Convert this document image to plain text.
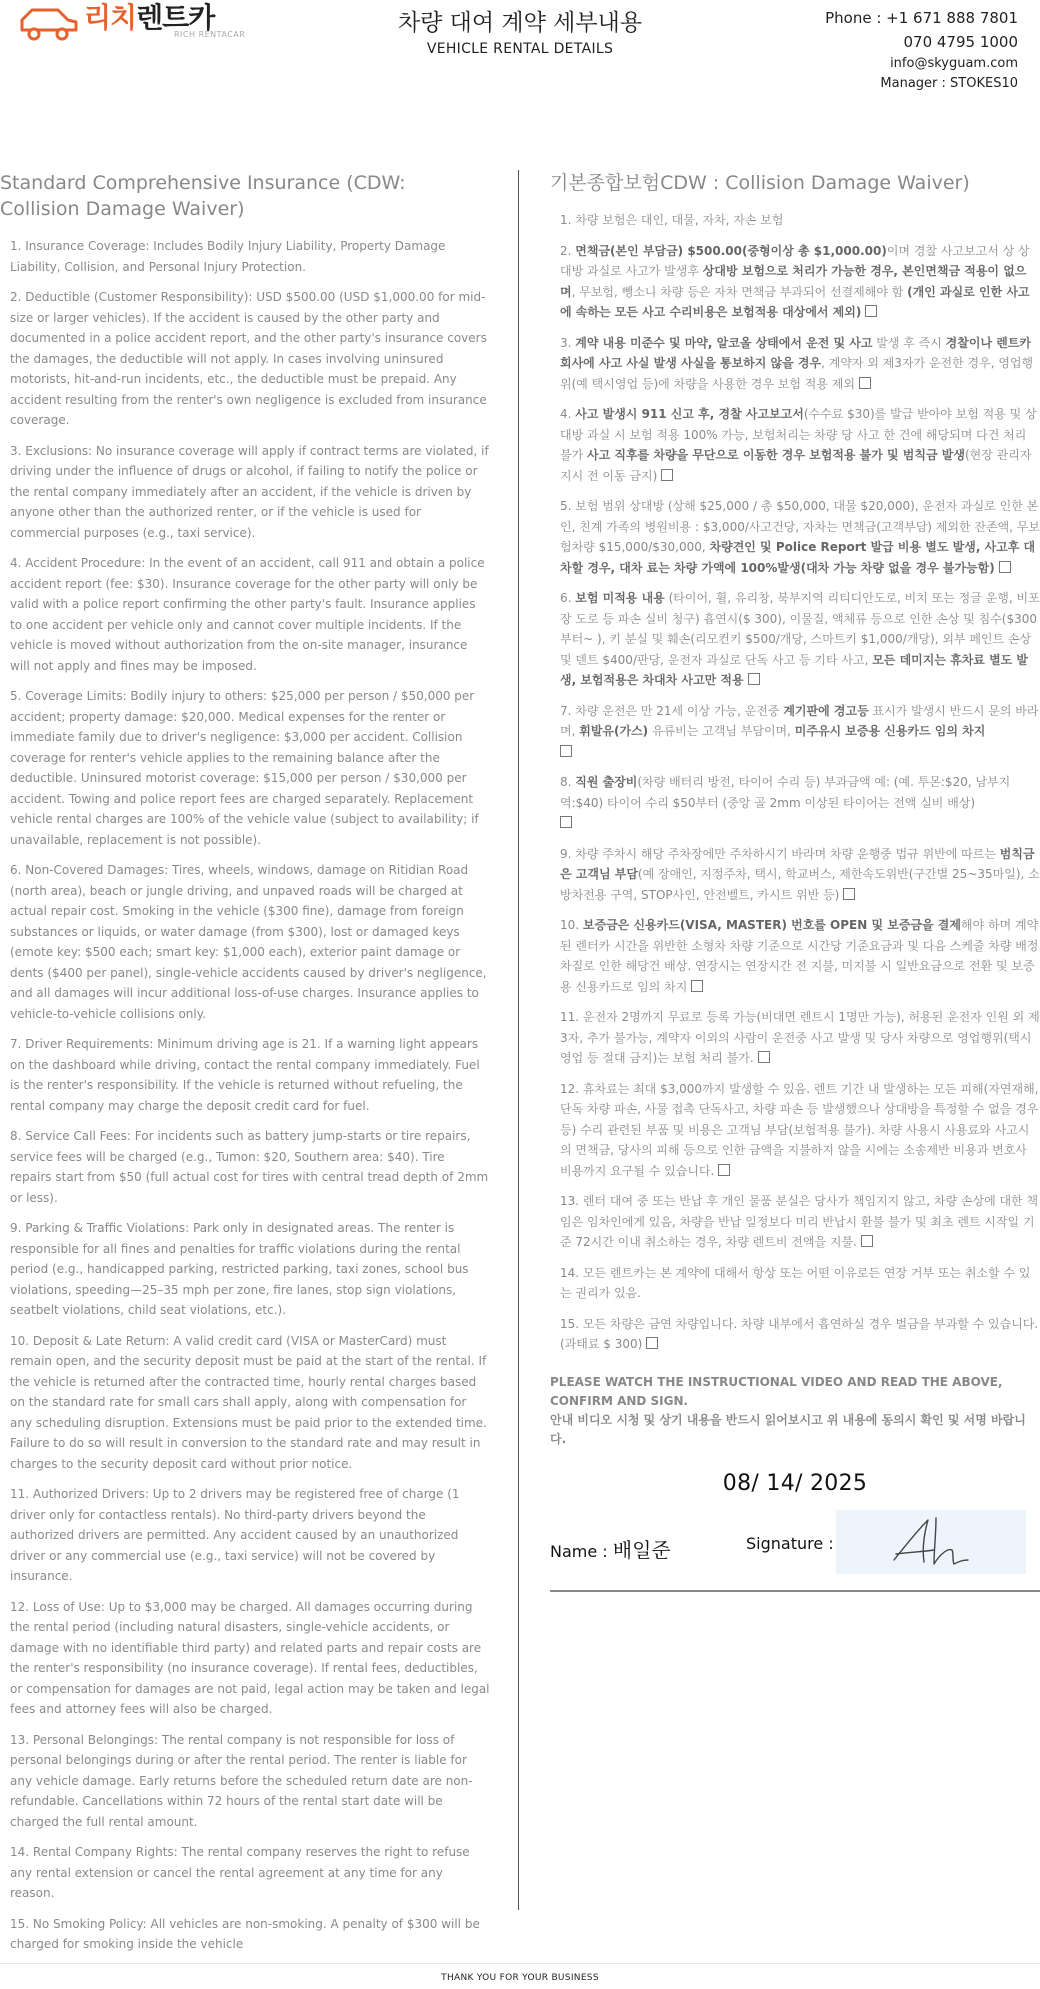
리치렌트카
RICH RENTACAR	차량 대여 계약 세부내용
VEHICLE RENTAL DETAILS
Phone : +1 671 888 7801
070 4795 1000
info@skyguam.com
Manager : STOKES10
Standard Comprehensive Insurance (CDW: Collision Damage Waiver)
1. Insurance Coverage: Includes Bodily Injury Liability, Property Damage Liability, Collision, and Personal Injury Protection.
2. Deductible (Customer Responsibility): USD $500.00 (USD $1,000.00 for mid-size or larger vehicles). If the accident is caused by the other party and documented in a police accident report, and the other party's insurance covers the damages, the deductible will not apply. In cases involving uninsured motorists, hit-and-run incidents, etc., the deductible must be prepaid. Any accident resulting from the renter's own negligence is excluded from insurance coverage.
3. Exclusions: No insurance coverage will apply if contract terms are violated, if driving under the influence of drugs or alcohol, if failing to notify the police or the rental company immediately after an accident, if the vehicle is driven by anyone other than the authorized renter, or if the vehicle is used for commercial purposes (e.g., taxi service).
4. Accident Procedure: In the event of an accident, call 911 and obtain a police accident report (fee: $30). Insurance coverage for the other party will only be valid with a police report confirming the other party's fault. Insurance applies to one accident per vehicle only and cannot cover multiple incidents. If the vehicle is moved without authorization from the on-site manager, insurance will not apply and fines may be imposed.
5. Coverage Limits: Bodily injury to others: $25,000 per person / $50,000 per accident; property damage: $20,000. Medical expenses for the renter or immediate family due to driver's negligence: $3,000 per accident. Collision coverage for renter's vehicle applies to the remaining balance after the deductible. Uninsured motorist coverage: $15,000 per person / $30,000 per accident. Towing and police report fees are charged separately. Replacement vehicle rental charges are 100% of the vehicle value (subject to availability; if unavailable, replacement is not possible).
6. Non-Covered Damages: Tires, wheels, windows, damage on Ritidian Road (north area), beach or jungle driving, and unpaved roads will be charged at actual repair cost. Smoking in the vehicle ($300 fine), damage from foreign substances or liquids, or water damage (from $300), lost or damaged keys (emote key: $500 each; smart key: $1,000 each), exterior paint damage or dents ($400 per panel), single-vehicle accidents caused by driver's negligence, and all damages will incur additional loss-of-use charges. Insurance applies to vehicle-to-vehicle collisions only.
7. Driver Requirements: Minimum driving age is 21. If a warning light appears on the dashboard while driving, contact the rental company immediately. Fuel is the renter's responsibility. If the vehicle is returned without refueling, the rental company may charge the deposit credit card for fuel.
8. Service Call Fees: For incidents such as battery jump-starts or tire repairs, service fees will be charged (e.g., Tumon: $20, Southern area: $40). Tire repairs start from $50 (full actual cost for tires with central tread depth of 2mm or less).
9. Parking & Traffic Violations: Park only in designated areas. The renter is responsible for all fines and penalties for traffic violations during the rental period (e.g., handicapped parking, restricted parking, taxi zones, school bus violations, speeding—25–35 mph per zone, fire lanes, stop sign violations, seatbelt violations, child seat violations, etc.).
10. Deposit & Late Return: A valid credit card (VISA or MasterCard) must remain open, and the security deposit must be paid at the start of the rental. If the vehicle is returned after the contracted time, hourly rental charges based on the standard rate for small cars shall apply, along with compensation for any scheduling disruption. Extensions must be paid prior to the extended time. Failure to do so will result in conversion to the standard rate and may result in charges to the security deposit card without prior notice.
11. Authorized Drivers: Up to 2 drivers may be registered free of charge (1 driver only for contactless rentals). No third-party drivers beyond the authorized drivers are permitted. Any accident caused by an unauthorized driver or any commercial use (e.g., taxi service) will not be covered by insurance.
12. Loss of Use: Up to $3,000 may be charged. All damages occurring during the rental period (including natural disasters, single-vehicle accidents, or damage with no identifiable third party) and related parts and repair costs are the renter's responsibility (no insurance coverage). If rental fees, deductibles, or compensation for damages are not paid, legal action may be taken and legal fees and attorney fees will also be charged.
13. Personal Belongings: The rental company is not responsible for loss of personal belongings during or after the rental period. The renter is liable for any vehicle damage. Early returns before the scheduled return date are non-refundable. Cancellations within 72 hours of the rental start date will be charged the full rental amount.
14. Rental Company Rights: The rental company reserves the right to refuse any rental extension or cancel the rental agreement at any time for any reason.
15. No Smoking Policy: All vehicles are non-smoking. A penalty of $300 will be charged for smoking inside the vehicle
기본종합보험CDW : Collision Damage Waiver)
1. 차량 보험은 대인, 대물, 자차, 자손 보험
2. 면책금(본인 부담금) $500.00(중형이상 총 $1,000.00)이며 경찰 사고보고서 상 상대방 과실로 사고가 발생후 상대방 보험으로 처리가 가능한 경우, 본인면책금 적용이 없으며, 무보험, 뺑소니 차량 등은 자차 면책금 부과되어 선결제해야 함 (개인 과실로 인한 사고에 속하는 모든 사고 수리비용은 보험적용 대상에서 제외)
3. 계약 내용 미준수 및 마약, 알코올 상태에서 운전 및 사고 발생 후 즉시 경찰이나 렌트카 회사에 사고 사실 발생 사실을 통보하지 않을 경우, 계약자 외 제3자가 운전한 경우, 영업행위(예 택시영업 등)에 차량을 사용한 경우 보험 적용 제외
4. 사고 발생시 911 신고 후, 경찰 사고보고서(수수료 $30)를 발급 받아야 보험 적용 및 상대방 과실 시 보험 적용 100% 가능, 보험처리는 차량 당 사고 한 건에 해당되며 다건 처리 불가 사고 직후를 차량을 무단으로 이동한 경우 보험적용 불가 및 범칙금 발생(현장 관리자 지시 전 이동 금지)
5. 보험 범위 상대방 (상해 $25,000 / 총 $50,000, 대물 $20,000), 운전자 과실로 인한 본인, 친계 가족의 병원비용 : $3,000/사고건당, 자차는 면책금(고객부담) 제외한 잔존액, 무보험차량 $15,000/$30,000, 차량견인 및 Police Report 발급 비용 별도 발생, 사고후 대차할 경우, 대차 료는 차량 가액에 100%발생(대차 가능 차량 없을 경우 불가능함)
6. 보험 미적용 내용 (타이어, 휠, 유리창, 북부지역 리티디안도로, 비치 또는 정글 운행, 비포장 도로 등 파손 실비 청구) 흡연시($ 300), 이물질, 액체류 등으로 인한 손상 및 침수($300부터~ ), 키 분실 및 훼손(리모컨키 $500/개당, 스마트키 $1,000/개당), 외부 페인트 손상 및 덴트 $400/판당, 운전자 과실로 단독 사고 등 기타 사고, 모든 데미지는 휴차료 별도 발생, 보험적용은 차대차 사고만 적용
7. 차량 운전은 만 21세 이상 가능, 운전중 계기판에 경고등 표시가 발생시 반드시 문의 바라며, 휘발유(가스) 유류비는 고객님 부담이며, 미주유시 보증용 신용카드 임의 차지

8. 직원 출장비(차량 배터리 방전, 타이어 수리 등) 부과금액 예: (예. 투몬:$20, 남부지역:$40) 타이어 수리 $50부터 (중앙 골 2mm 이상된 타이어는 전액 실비 배상)

9. 차량 주차시 해당 주차장에만 주차하시기 바라며 차량 운행중 법규 위반에 따르는 범칙금은 고객님 부담(예 장애인, 지정주차, 택시, 학교버스, 제한속도위반(구간별 25~35마일), 소방차전용 구역, STOP사인, 안전벨트, 카시트 위반 등)
10. 보증금은 신용카드(VISA, MASTER) 번호를 OPEN 및 보증금을 결제해야 하며 계약된 렌터카 시간을 위반한 소형차 차량 기준으로 시간당 기준요금과 및 다음 스케줄 차량 배정차질로 인한 해당건 배상. 연장시는 연장시간 전 지불, 미지불 시 일반요금으로 전환 및 보증용 신용카드로 임의 차지
11. 운전자 2명까지 무료로 등록 가능(비대면 렌트시 1명만 가능), 허용된 운전자 인원 외 제3자, 추가 불가능, 계약자 이외의 사람이 운전중 사고 발생 및 당사 차량으로 영업행위(택시영업 등 절대 금지)는 보험 처리 불가.
12. 휴차료는 최대 $3,000까지 발생할 수 있음. 렌트 기간 내 발생하는 모든 피해(자연재해, 단독 차량 파손, 사물 접촉 단독사고, 차량 파손 등 발생했으나 상대방을 특정할 수 없을 경우 등) 수리 관련된 부품 및 비용은 고객님 부담(보험적용 불가). 차량 사용시 사용료와 사고시의 면책금, 당사의 피해 등으로 인한 금액을 지불하지 않을 시에는 소송제반 비용과 변호사 비용까지 요구될 수 있습니다.
13. 렌터 대여 중 또는 반납 후 개인 물품 분실은 당사가 책임지지 않고, 차량 손상에 대한 책임은 임차인에게 있음, 차량을 반납 일정보다 미리 반납시 환불 불가 및 최초 렌트 시작일 기준 72시간 이내 취소하는 경우, 차량 렌트비 전액을 지불.
14. 모든 렌트카는 본 계약에 대해서 항상 또는 어떤 이유로든 연장 거부 또는 취소할 수 있는 권리가 있음.
15. 모든 차량은 금연 차량입니다. 차량 내부에서 흡연하실 경우 벌금을 부과할 수 있습니다. (과태료 $ 300)
PLEASE WATCH THE INSTRUCTIONAL VIDEO AND READ THE ABOVE, CONFIRM AND SIGN.
안내 비디오 시청 및 상기 내용을 반드시 읽어보시고 위 내용에 동의시 확인 및 서명 바랍니다.
08/ 14/ 2025
Name : 배일준	Signature :
THANK YOU FOR YOUR BUSINESS
